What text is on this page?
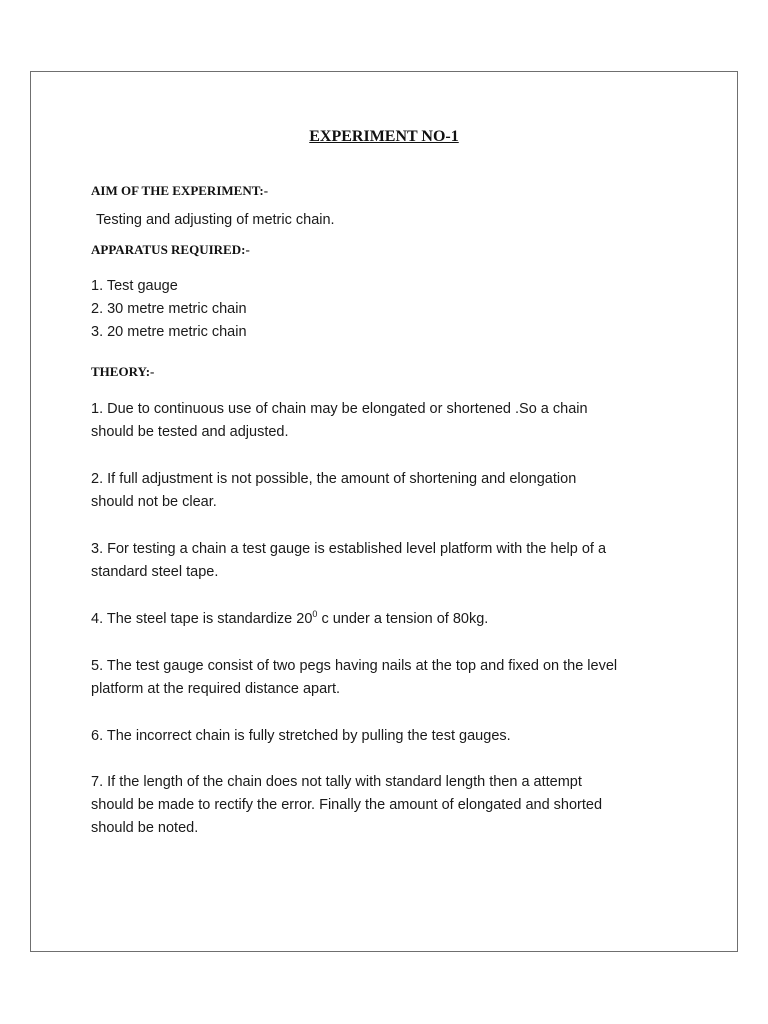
EXPERIMENT NO-1
AIM OF THE EXPERIMENT:-
Testing and adjusting of metric chain.
APPARATUS REQUIRED:-
1. Test gauge
2. 30 metre metric chain
3. 20 metre metric chain
THEORY:-
1. Due to continuous use of chain may be elongated or shortened .So a chain
should be tested and adjusted.
2. If full adjustment is not possible, the amount of shortening and elongation
should not be clear.
3. For testing a chain a test gauge is established level platform with the help of a
standard steel tape.
4. The steel tape is standardize $20^0$ c under a tension of 80kg.
5. The test gauge consist of two pegs having nails at the top and fixed on the level
platform at the required distance apart.
6. The incorrect chain is fully stretched by pulling the test gauges.
7. If the length of the chain does not tally with standard length then a attempt
should be made to rectify the error. Finally the amount of elongated and shorted
should be noted.
